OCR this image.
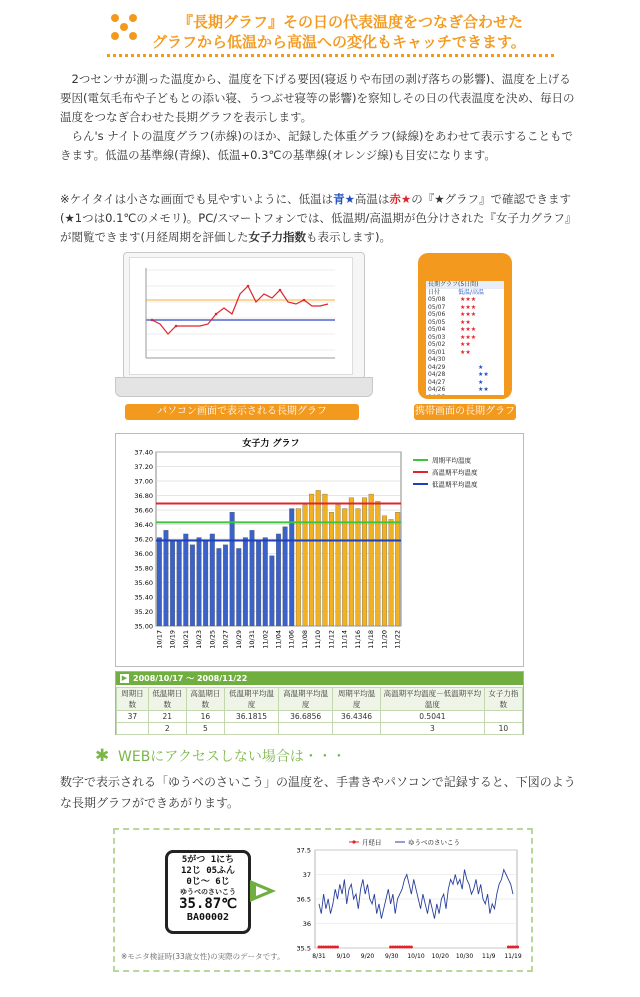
『長期グラフ』その日の代表温度をつなぎ合わせた
グラフから低温から高温への変化もキャッチできます。

2つセンサが測った温度から、温度を下げる要因(寝返りや布団の剥げ落ちの影響)、温度を上げる要因(電気毛布や子どもとの添い寝、うつぶせ寝等の影響)を察知しその日の代表温度を決め、毎日の温度をつなぎ合わせた長期グラフを表示します。

らん's ナイトの温度グラフ(赤線)のほか、記録した体重グラフ(緑線)をあわせて表示することもできます。低温の基準線(青線)、低温+0.3℃の基準線(オレンジ線)も目安になります。

※ケイタイは小さな画面でも見やすいように、低温は青★高温は赤★の『★グラフ』で確認できます(★1つは0.1℃のメモリ)。PC/スマートフォンでは、低温期/高温期が色分けされた『女子力グラフ』が閲覧できます(月経周期を評価した女子力指数も表示します)。
パソコン画面で表示される長期グラフ
長期グラフ(5日間)
日付	低温/高温
05/08	★★★
05/07	★★★
05/06	★★★
05/05	★★
05/04	★★★
05/03	★★★
05/02	★★
05/01	★★
04/30
04/29	★
04/28	★★
04/27	★
04/26	★★
携帯画面の長期グラフ
女子力 グラフ
37.40
37.20
37.00
36.80
36.60
36.40
36.20
36.00
35.80
35.60
35.40
35.20
35.00
周期平均温度
高温期平均温度
低温期平均温度
10/17 10/19 10/21 10/23 10/25 10/27 10/29 10/31 11/02 11/04 11/06 11/08 11/10 11/12 11/14 11/16 11/18 11/20 11/22
▶ 2008/10/17 〜 2008/11/22
周期日数	低温期日数	高温期日数	低温期平均温度	高温期平均温度	周期平均温度	高温期平均温度－低温期平均温度	女子力指数
37	21	16	36.1815	36.6856	36.4346	0.5041	
	2	5				3	10
✱ WEBにアクセスしない場合は・・・
数字で表示される「ゆうべのさいこう」の温度を、手書きやパソコンで記録すると、下図のような長期グラフができあがります。
5がつ 1にち
12じ 05ふん
0じ〜 6じ
ゆうべのさいこう
35.87℃
BA00002
37.5
37
36.5
36
35.5
8/31 9/10 9/20 9/30 10/10 10/20 10/30 11/9 11/19
月経日	ゆうべのさいこう
※モニタ検証時(33歳女性)の実際のデータです。
